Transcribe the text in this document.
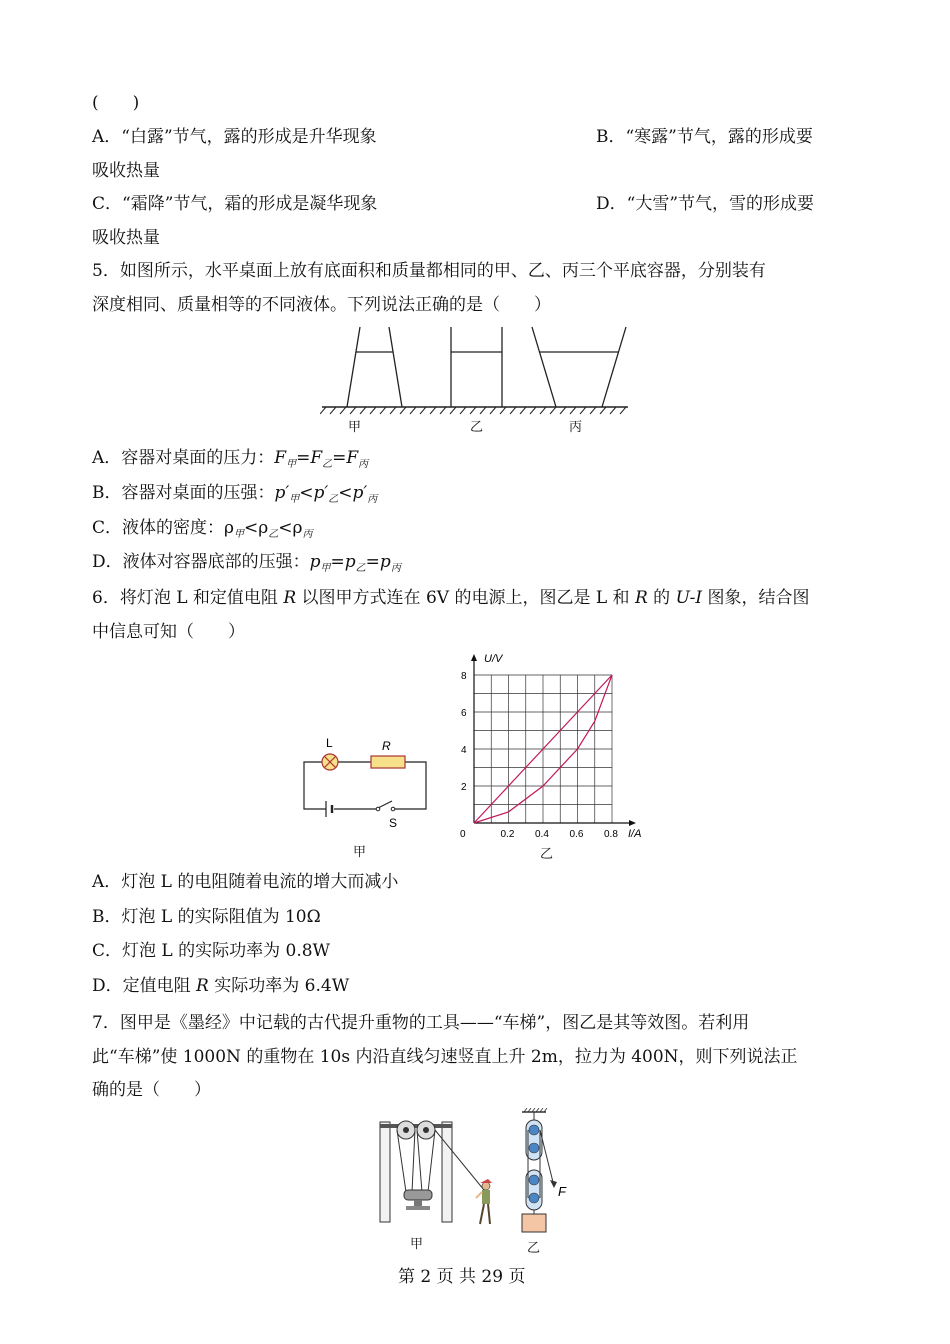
(　　)
A．“白露”节气，露的形成是升华现象	B．“寒露”节气，露的形成要
吸收热量
C．“霜降”节气，霜的形成是凝华现象	D．“大雪”节气，雪的形成要
吸收热量
5．如图所示，水平桌面上放有底面积和质量都相同的甲、乙、丙三个平底容器，分别装有
深度相同、质量相等的不同液体。下列说法正确的是（　　）
甲	乙	丙
A．容器对桌面的压力：$F_甲=F_乙=F_丙$
B．容器对桌面的压强：$p'_甲<p'_乙<p'_丙$
C．液体的密度：$\rho_甲<\rho_乙<\rho_丙$
D．液体对容器底部的压强：$p_甲=p_乙=p_丙$
6．将灯泡 L 和定值电阻 R 以图甲方式连在 6V 的电源上，图乙是 L 和 R 的 U-I 图象，结合图
中信息可知（　　）
L	R
S
甲
0.2 0.4 0.6 0.8
2
4
6
8
0
U/V
I/A
乙
A．灯泡 L 的电阻随着电流的增大而减小
B．灯泡 L 的实际阻值为 10Ω
C．灯泡 L 的实际功率为 0.8W
D．定值电阻 R 实际功率为 6.4W
7．图甲是《墨经》中记载的古代提升重物的工具——“车梯”，图乙是其等效图。若利用
此“车梯”使 1000N 的重物在 10s 内沿直线匀速竖直上升 2m，拉力为 400N，则下列说法正
确的是（　　）
甲
F
乙
第 2 页 共 29 页
